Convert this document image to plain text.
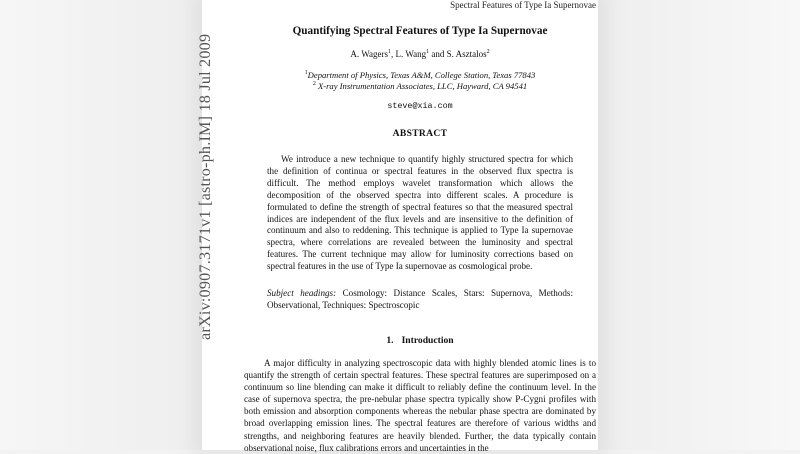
Spectral Features of Type Ia Supernovae
arXiv:0907.3171v1 [astro-ph.IM] 18 Jul 2009
Quantifying Spectral Features of Type Ia Supernovae
A. Wagers$^1$, L. Wang$^1$ and S. Asztalos$^2$
$^1$Department of Physics, Texas A&M, College Station, Texas 77843
$^2$ X-ray Instrumentation Associates, LLC, Hayward, CA 94541
steve@xia.com
ABSTRACT

We introduce a new technique to quantify highly structured spectra for which the definition of continua or spectral features in the observed flux spectra is difficult. The method employs wavelet transformation which allows the decomposition of the observed spectra into different scales. A procedure is formulated to define the strength of spectral features so that the measured spectral indices are independent of the flux levels and are insensitive to the definition of continuum and also to reddening. This technique is applied to Type Ia supernovae spectra, where correlations are revealed between the luminosity and spectral features. The current technique may allow for luminosity corrections based on spectral features in the use of Type Ia supernovae as cosmological probe.

Subject headings: Cosmology: Distance Scales, Stars: Supernova, Methods: Observational, Techniques: Spectroscopic

1. Introduction

A major difficulty in analyzing spectroscopic data with highly blended atomic lines is to quantify the strength of certain spectral features. These spectral features are superimposed on a continuum so line blending can make it difficult to reliably define the continuum level. In the case of supernova spectra, the pre-nebular phase spectra typically show P-Cygni profiles with both emission and absorption components whereas the nebular phase spectra are dominated by broad overlapping emission lines. The spectral features are therefore of various widths and strengths, and neighboring features are heavily blended. Further, the data typically contain observational noise, flux calibrations errors and uncertainties in the
